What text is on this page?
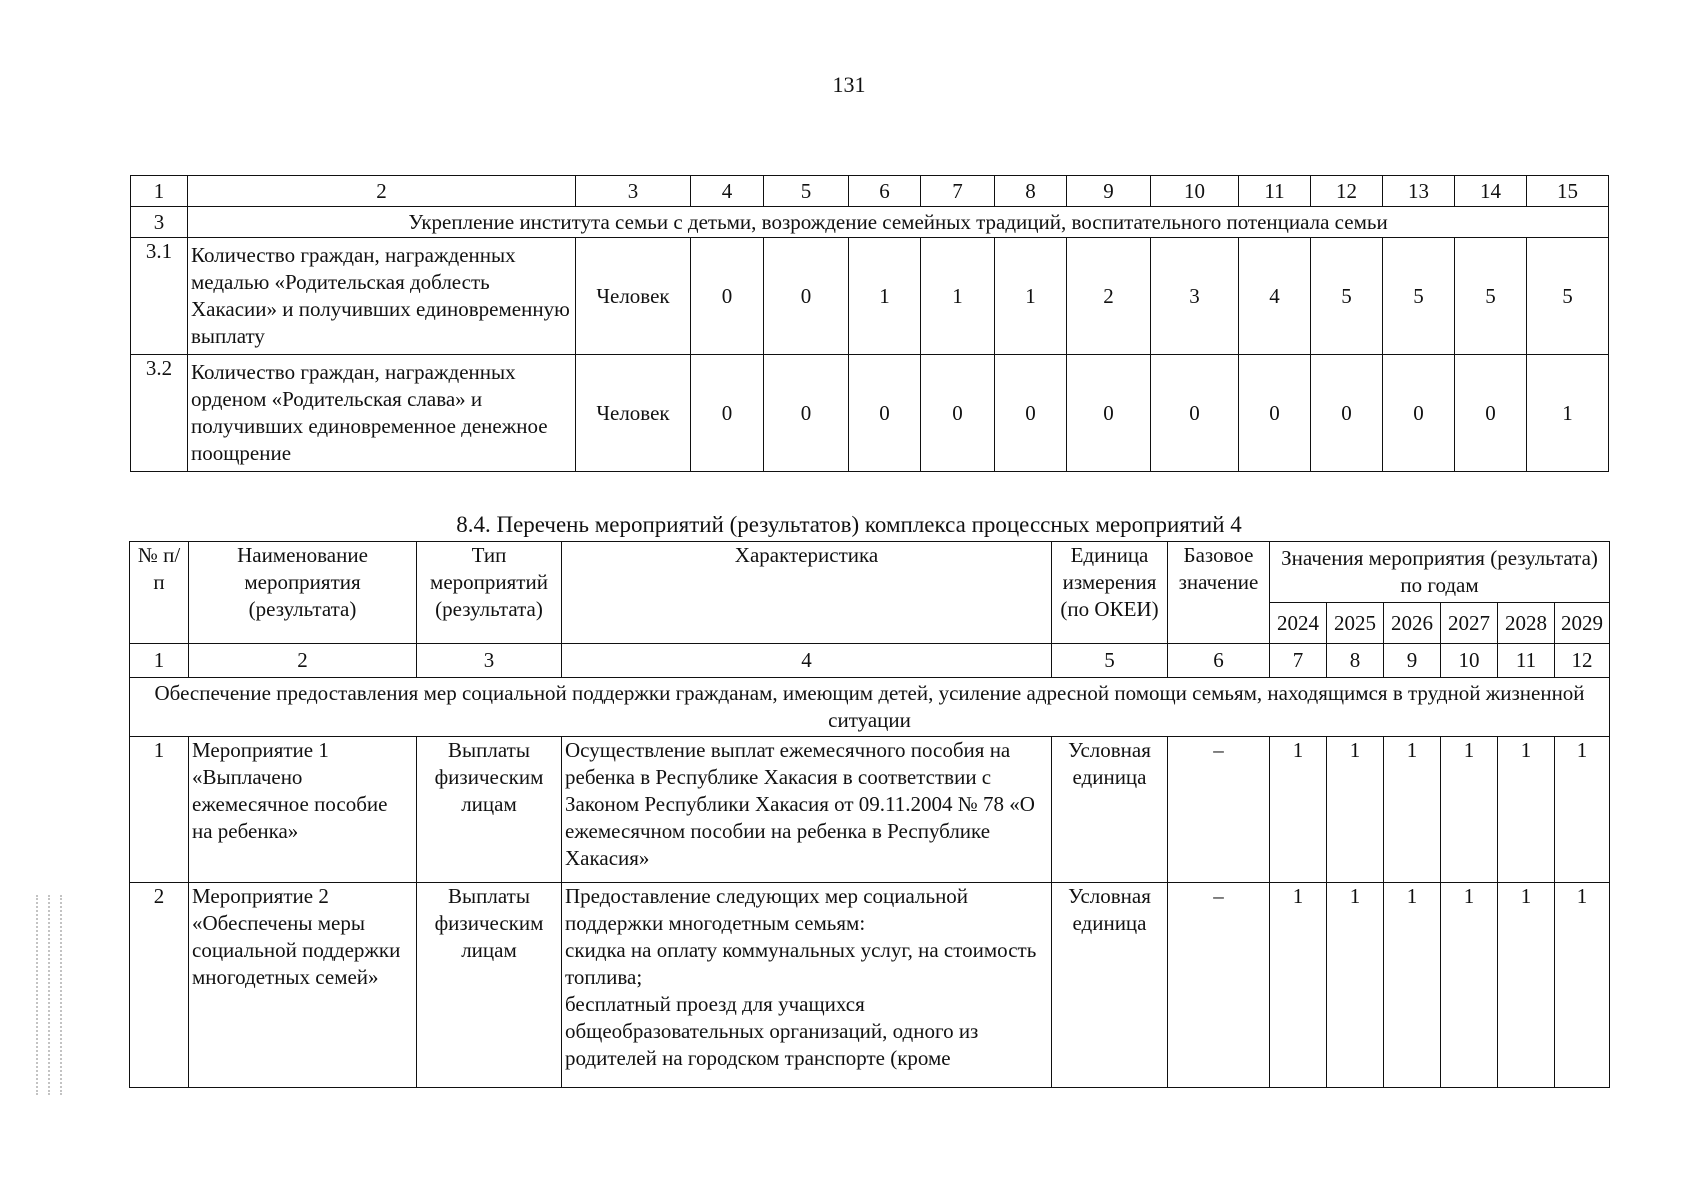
131
1	2	3	4	5	6	7	8	9	10	11	12	13	14	15
3	Укрепление института семьи с детьми, возрождение семейных традиций, воспитательного потенциала семьи													
3.1	Количество граждан, награжденных медалью «Родительская доблесть Хакасии» и получивших единовременную выплату	Человек	0	0	1	1	1	2	3	4	5	5	5	5
3.2	Количество граждан, награжденных орденом «Родительская слава» и получивших единовременное денежное поощрение	Человек	0	0	0	0	0	0	0	0	0	0	0	1
8.4. Перечень мероприятий (результатов) комплекса процессных мероприятий 4
№ п/п	Наименование мероприятия (результата)	Тип мероприятий (результата)	Характеристика	Единица измерения (по ОКЕИ)	Базовое значение	Значения мероприятия (результата) по годам					
						2024	2025	2026	2027	2028	2029
1	2	3	4	5	6	7	8	9	10	11	12
Обеспечение предоставления мер социальной поддержки гражданам, имеющим детей, усиление адресной помощи семьям, находящимся в трудной жизненной ситуации											
1	Мероприятие 1 «Выплачено ежемесячное пособие на ребенка»	Выплаты физическим лицам	Осуществление выплат ежемесячного пособия на ребенка в Республике Хакасия в соответствии с Законом Республики Хакасия от 09.11.2004 № 78 «О ежемесячном пособии на ребенка в Республике Хакасия»	Условная единица	–	1	1	1	1	1	1
2	Мероприятие 2 «Обеспечены меры социальной поддержки многодетных семей»	Выплаты физическим лицам	Предоставление следующих мер социальной поддержки многодетным семьям:
скидка на оплату коммунальных услуг, на стоимость топлива;
бесплатный проезд для учащихся общеобразовательных организаций, одного из родителей на городском транспорте (кроме	Условная единица	–	1	1	1	1	1	1
